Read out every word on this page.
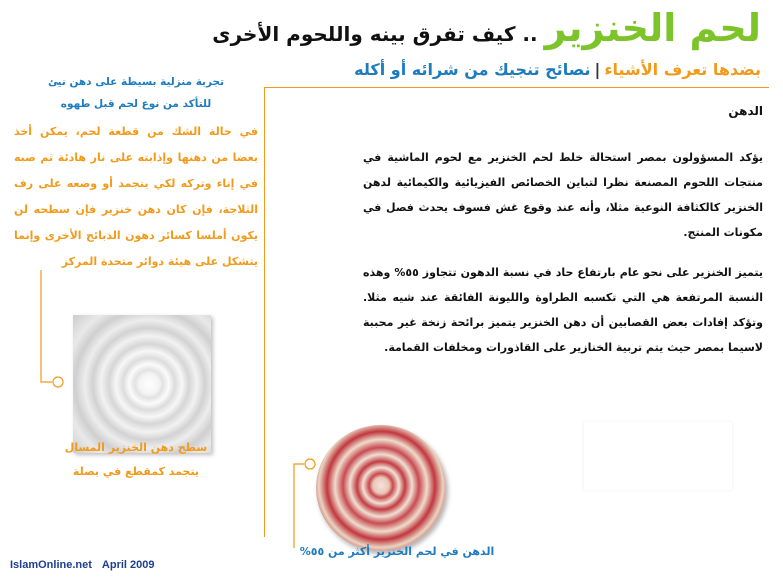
لحم الخنزير .. كيف تفرق بينه واللحوم الأخرى
بضدها تعرف الأشياء|نصائح تنجيك من شرائه أو أكله
تجربة منزلية بسيطة على دهن نيئ
للتأكد من نوع لحم قبل طهوه
في حالة الشك من قطعة لحم، يمكن أخذ بعضا من دهنها وإذابته على نار هادئة ثم صبه في إناء وتركه لكي يتجمد أو وضعه على رف الثلاجة، فإن كان دهن خنزير فإن سطحه لن يكون أملسا كسائر دهون الذبائح الأخرى وإنما يتشكل على هيئة دوائر متحدة المركز
سطح دهن الخنزير المسال
يتجمد كمقطع في بصلة
الدهن
يؤكد المسؤولون بمصر استحالة خلط لحم الخنزير مع لحوم الماشية في منتجات اللحوم المصنعة نظرا لتباين الخصائص الفيزيائية والكيمائية لدهن الخنزير كالكثافة النوعية مثلا، وأنه عند وقوع غش فسوف يحدث فصل في مكونات المنتج.
يتميز الخنزير على نحو عام بارتفاع حاد في نسبة الدهون تتجاوز ٥٥% وهذه النسبة المرتفعة هي التي تكسبه الطراوة والليونة الفائقة عند شيه مثلا. وتؤكد إفادات بعض القصابين أن دهن الخنزير يتميز برائحة زنخة غير محببة لاسيما بمصر حيث يتم تربية الخنازير على القاذورات ومخلفات القمامة.
الدهن في لحم الخنزير أكثر من ٥٥%
IslamOnline.net April 2009
